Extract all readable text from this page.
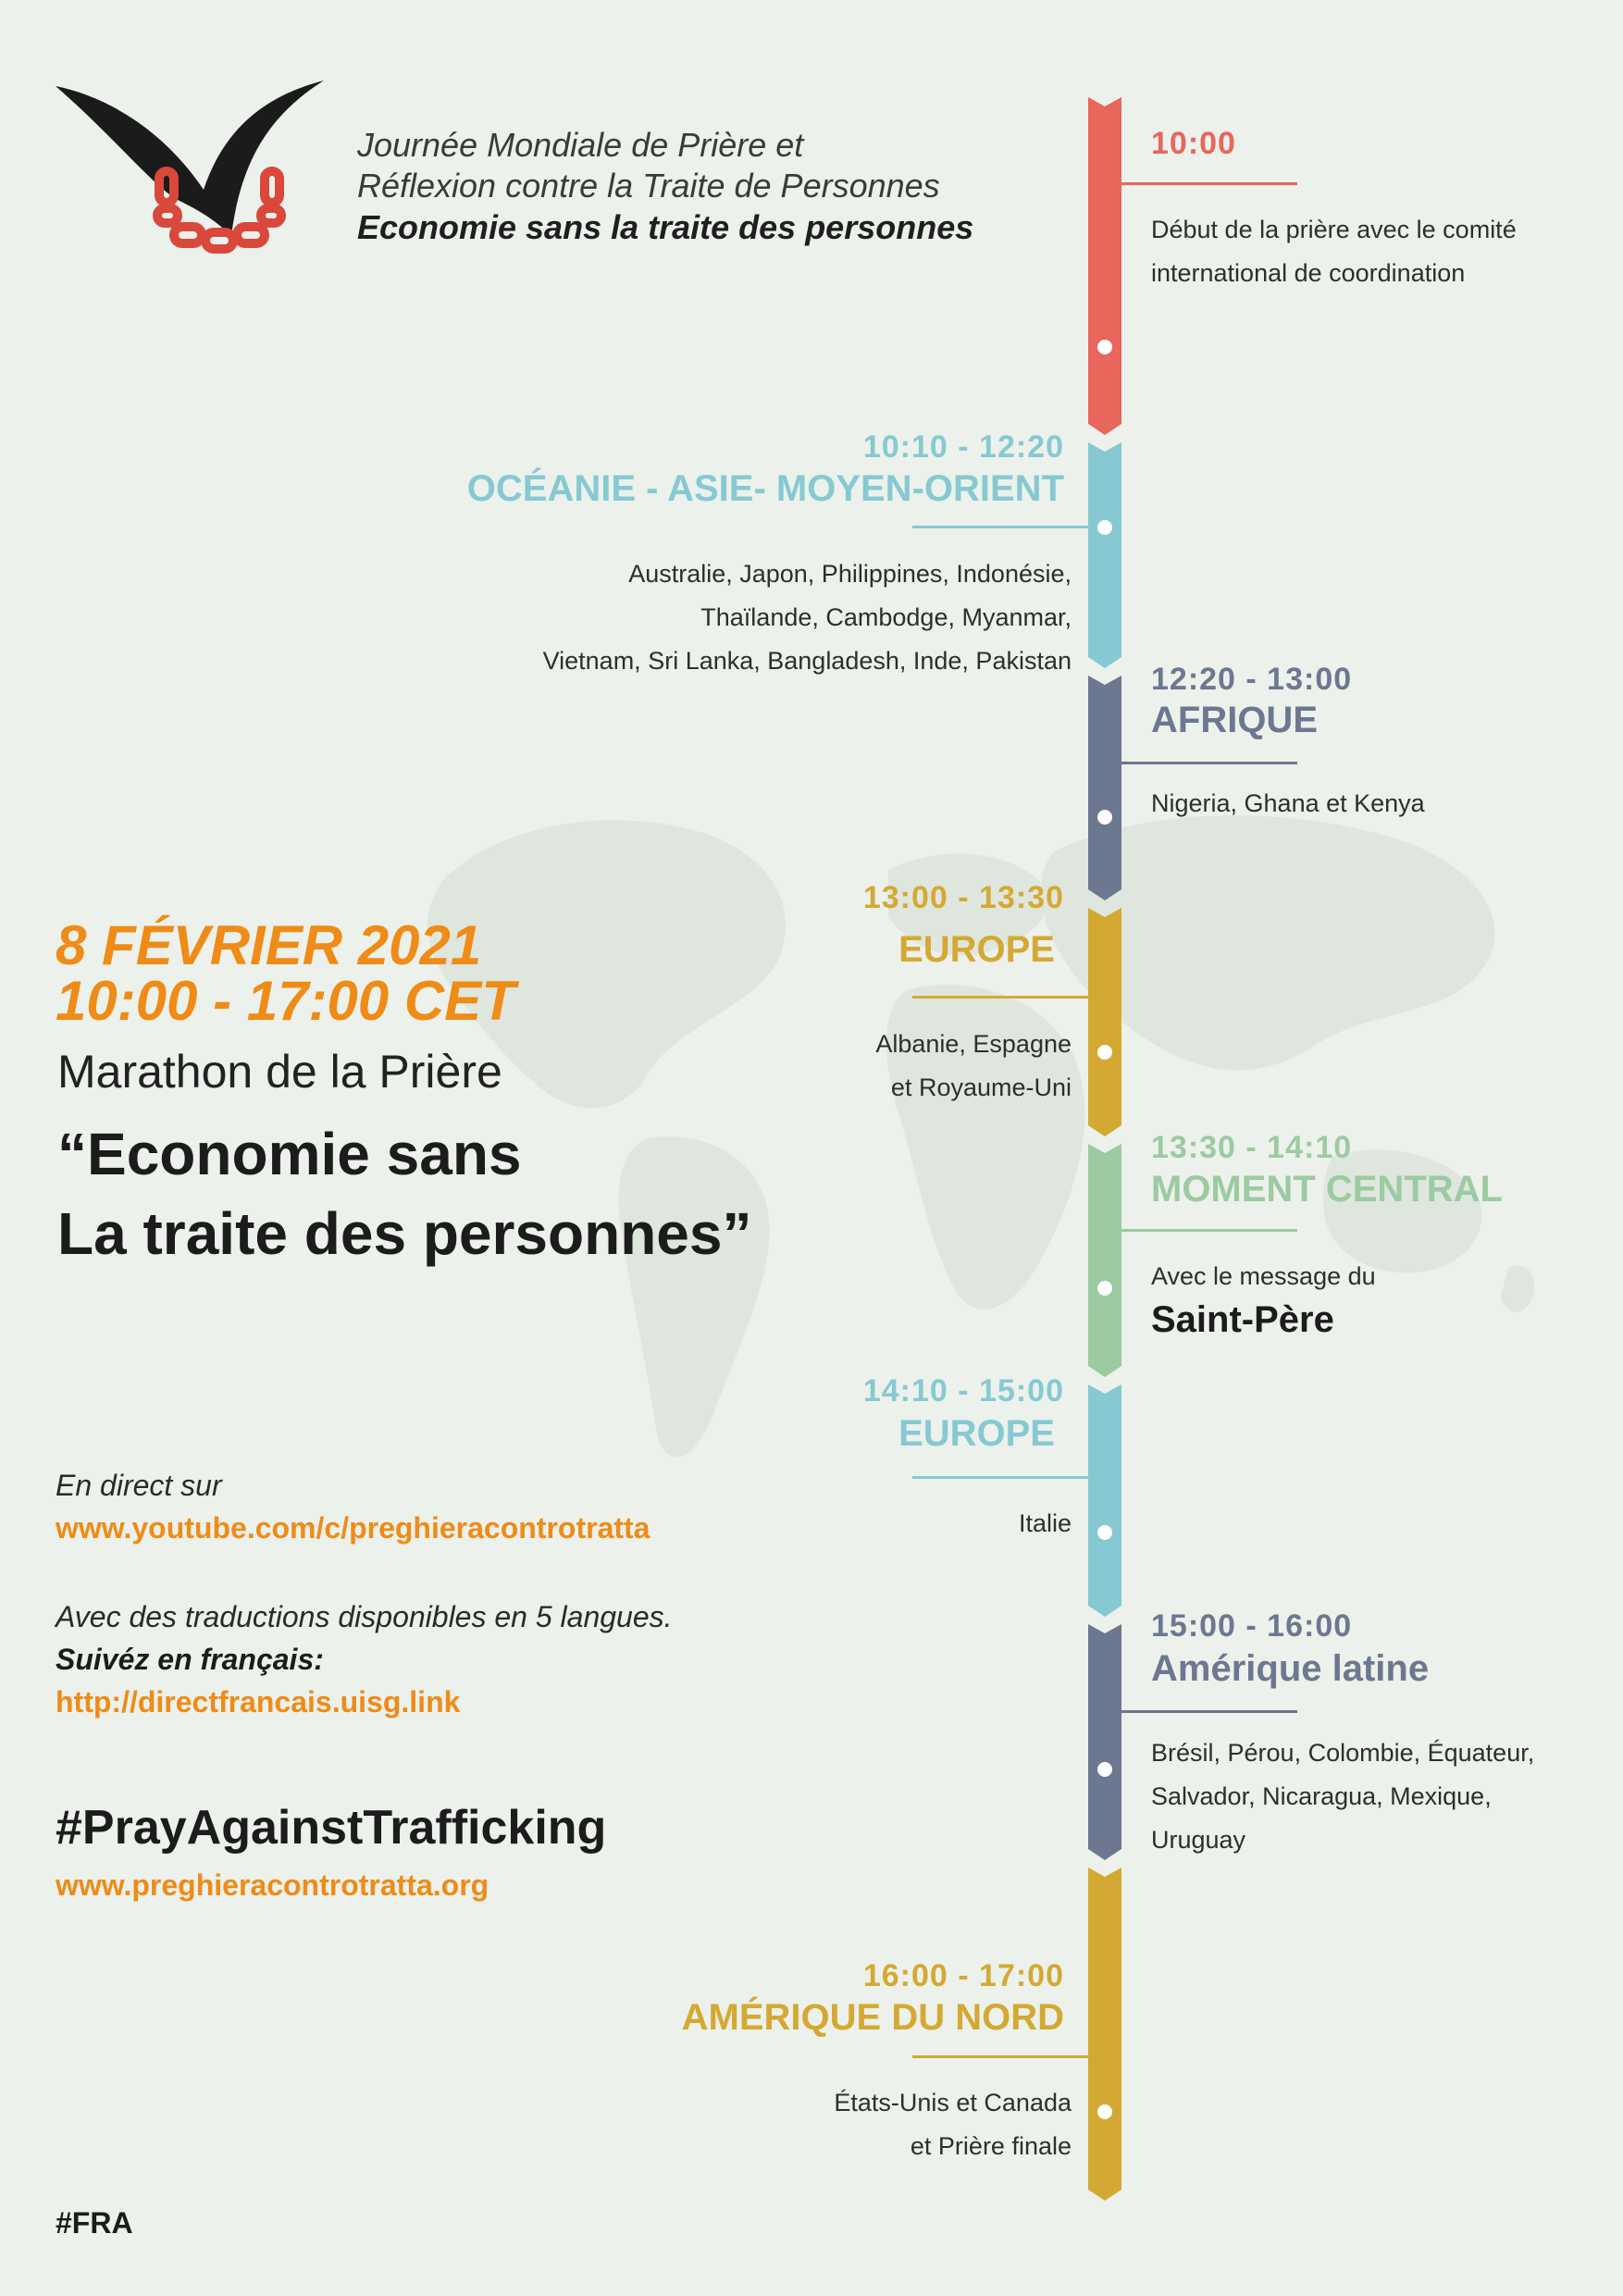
Journée Mondiale de Prière et
Réflexion contre la Traite de Personnes
Economie sans la traite des personnes
10:00
Début de la prière avec le comité
international de coordination
10:10 - 12:20
OCÉANIE - ASIE- MOYEN-ORIENT
Australie, Japon, Philippines, Indonésie,
Thaïlande, Cambodge, Myanmar,
Vietnam, Sri Lanka, Bangladesh, Inde, Pakistan
12:20 - 13:00
AFRIQUE
Nigeria, Ghana et Kenya
13:00 - 13:30
EUROPE
Albanie, Espagne
et Royaume-Uni
13:30 - 14:10
MOMENT CENTRAL
Avec le message du
Saint-Père
14:10 - 15:00
EUROPE
Italie
15:00 - 16:00
Amérique latine
Brésil, Pérou, Colombie, Équateur,
Salvador, Nicaragua, Mexique,
Uruguay
16:00 - 17:00
AMÉRIQUE DU NORD
États-Unis et Canada
et Prière finale
8 FÉVRIER 2021
10:00 - 17:00 CET
Marathon de la Prière
“Economie sans
La traite des personnes”
En direct sur
www.youtube.com/c/preghieracontrotratta
Avec des traductions disponibles en 5 langues.
Suivéz en français:
http://directfrancais.uisg.link
#PrayAgainstTrafficking
www.preghieracontrotratta.org
#FRA
